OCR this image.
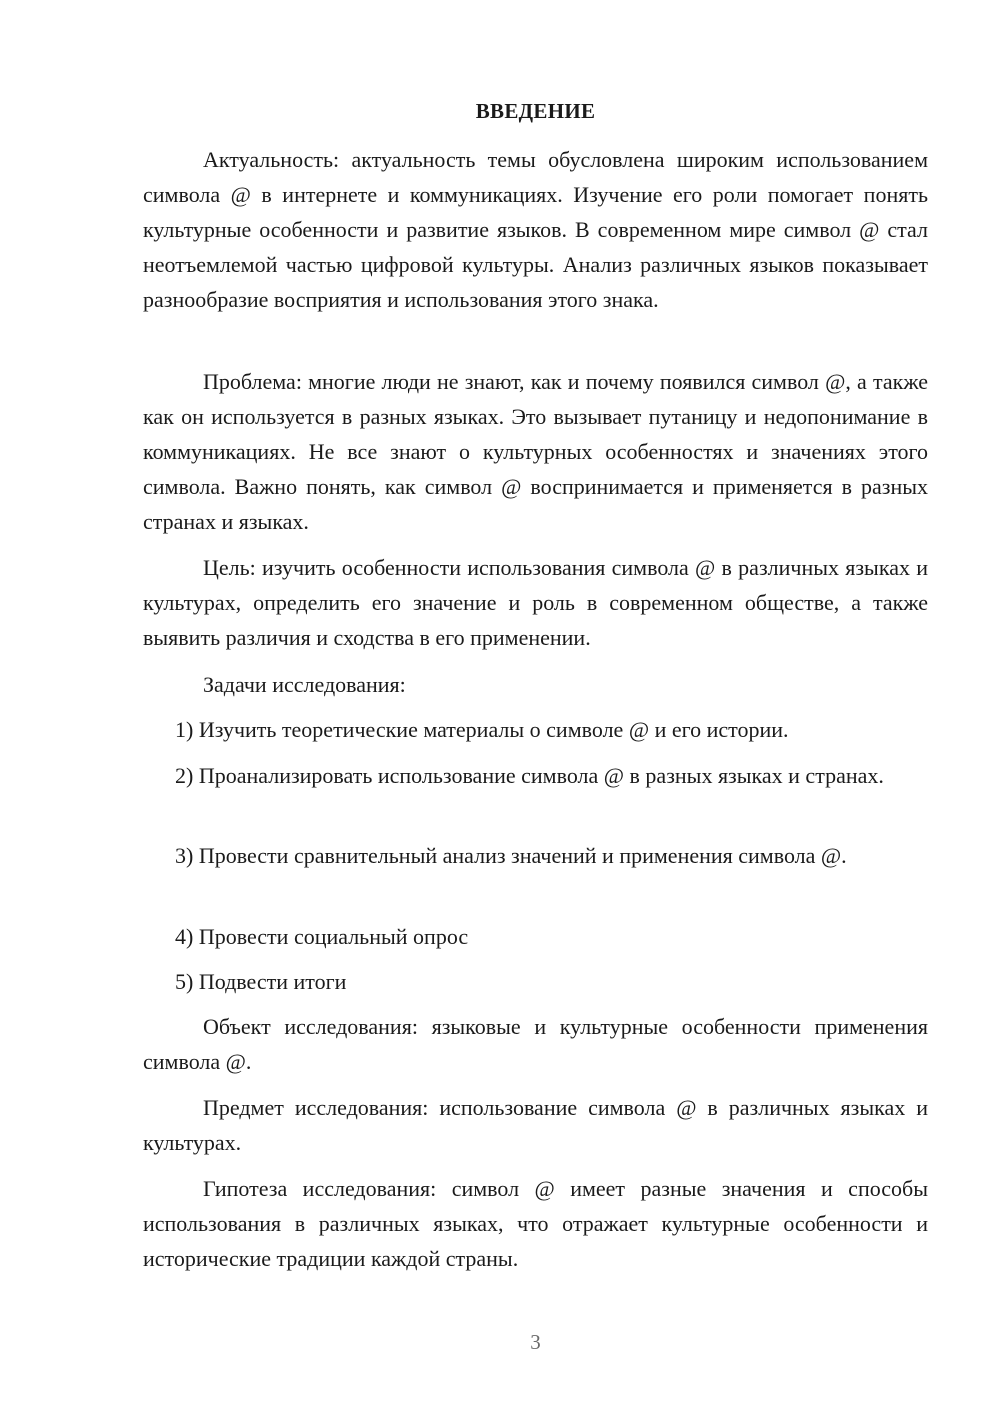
ВВЕДЕНИЕ

Актуальность: актуальность темы обусловлена широким использованием символа @ в интернете и коммуникациях. Изучение его роли помогает понять культурные особенности и развитие языков. В современном мире символ @ стал неотъемлемой частью цифровой культуры. Анализ различных языков показывает разнообразие восприятия и использования этого знака.

Проблема: многие люди не знают, как и почему появился символ @, а также как он используется в разных языках. Это вызывает путаницу и недопонимание в коммуникациях. Не все знают о культурных особенностях и значениях этого символа. Важно понять, как символ @ воспринимается и применяется в разных странах и языках.

Цель: изучить особенности использования символа @ в различных языках и культурах, определить его значение и роль в современном обществе, а также выявить различия и сходства в его применении.

Задачи исследования:

1) Изучить теоретические материалы о символе @ и его истории.

2) Проанализировать использование символа @ в разных языках и странах.

3) Провести сравнительный анализ значений и применения символа @.

4) Провести социальный опрос

5) Подвести итоги

Объект исследования: языковые и культурные особенности применения символа @.

Предмет исследования: использование символа @ в различных языках и культурах.

Гипотеза исследования: символ @ имеет разные значения и способы использования в различных языках, что отражает культурные особенности и исторические традиции каждой страны.

3
